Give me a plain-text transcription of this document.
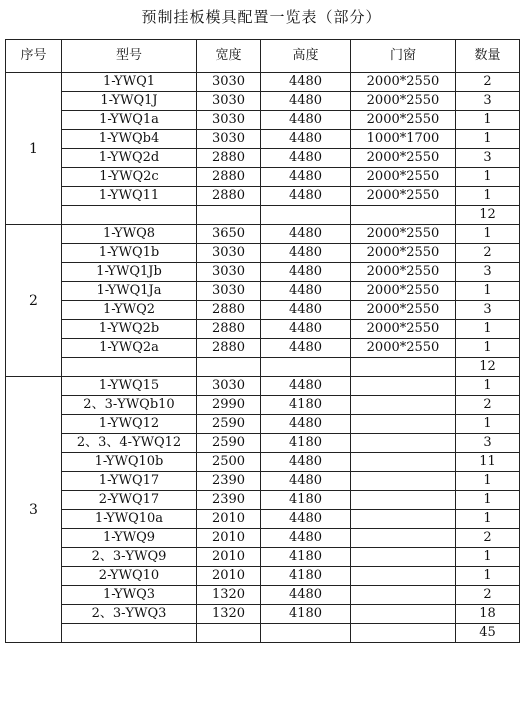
预制挂板模具配置一览表（部分）
序号	型号	宽度	高度	门窗	数量
1	1-YWQ1	3030	4480	2000*2550	2
	1-YWQ1J	3030	4480	2000*2550	3
	1-YWQ1a	3030	4480	2000*2550	1
	1-YWQb4	3030	4480	1000*1700	1
	1-YWQ2d	2880	4480	2000*2550	3
	1-YWQ2c	2880	4480	2000*2550	1
	1-YWQ11	2880	4480	2000*2550	1
					12
2	1-YWQ8	3650	4480	2000*2550	1
	1-YWQ1b	3030	4480	2000*2550	2
	1-YWQ1Jb	3030	4480	2000*2550	3
	1-YWQ1Ja	3030	4480	2000*2550	1
	1-YWQ2	2880	4480	2000*2550	3
	1-YWQ2b	2880	4480	2000*2550	1
	1-YWQ2a	2880	4480	2000*2550	1
					12
3	1-YWQ15	3030	4480		1
	2、3-YWQb10	2990	4180		2
	1-YWQ12	2590	4480		1
	2、3、4-YWQ12	2590	4180		3
	1-YWQ10b	2500	4480		11
	1-YWQ17	2390	4480		1
	2-YWQ17	2390	4180		1
	1-YWQ10a	2010	4480		1
	1-YWQ9	2010	4480		2
	2、3-YWQ9	2010	4180		1
	2-YWQ10	2010	4180		1
	1-YWQ3	1320	4480		2
	2、3-YWQ3	1320	4180		18
					45
